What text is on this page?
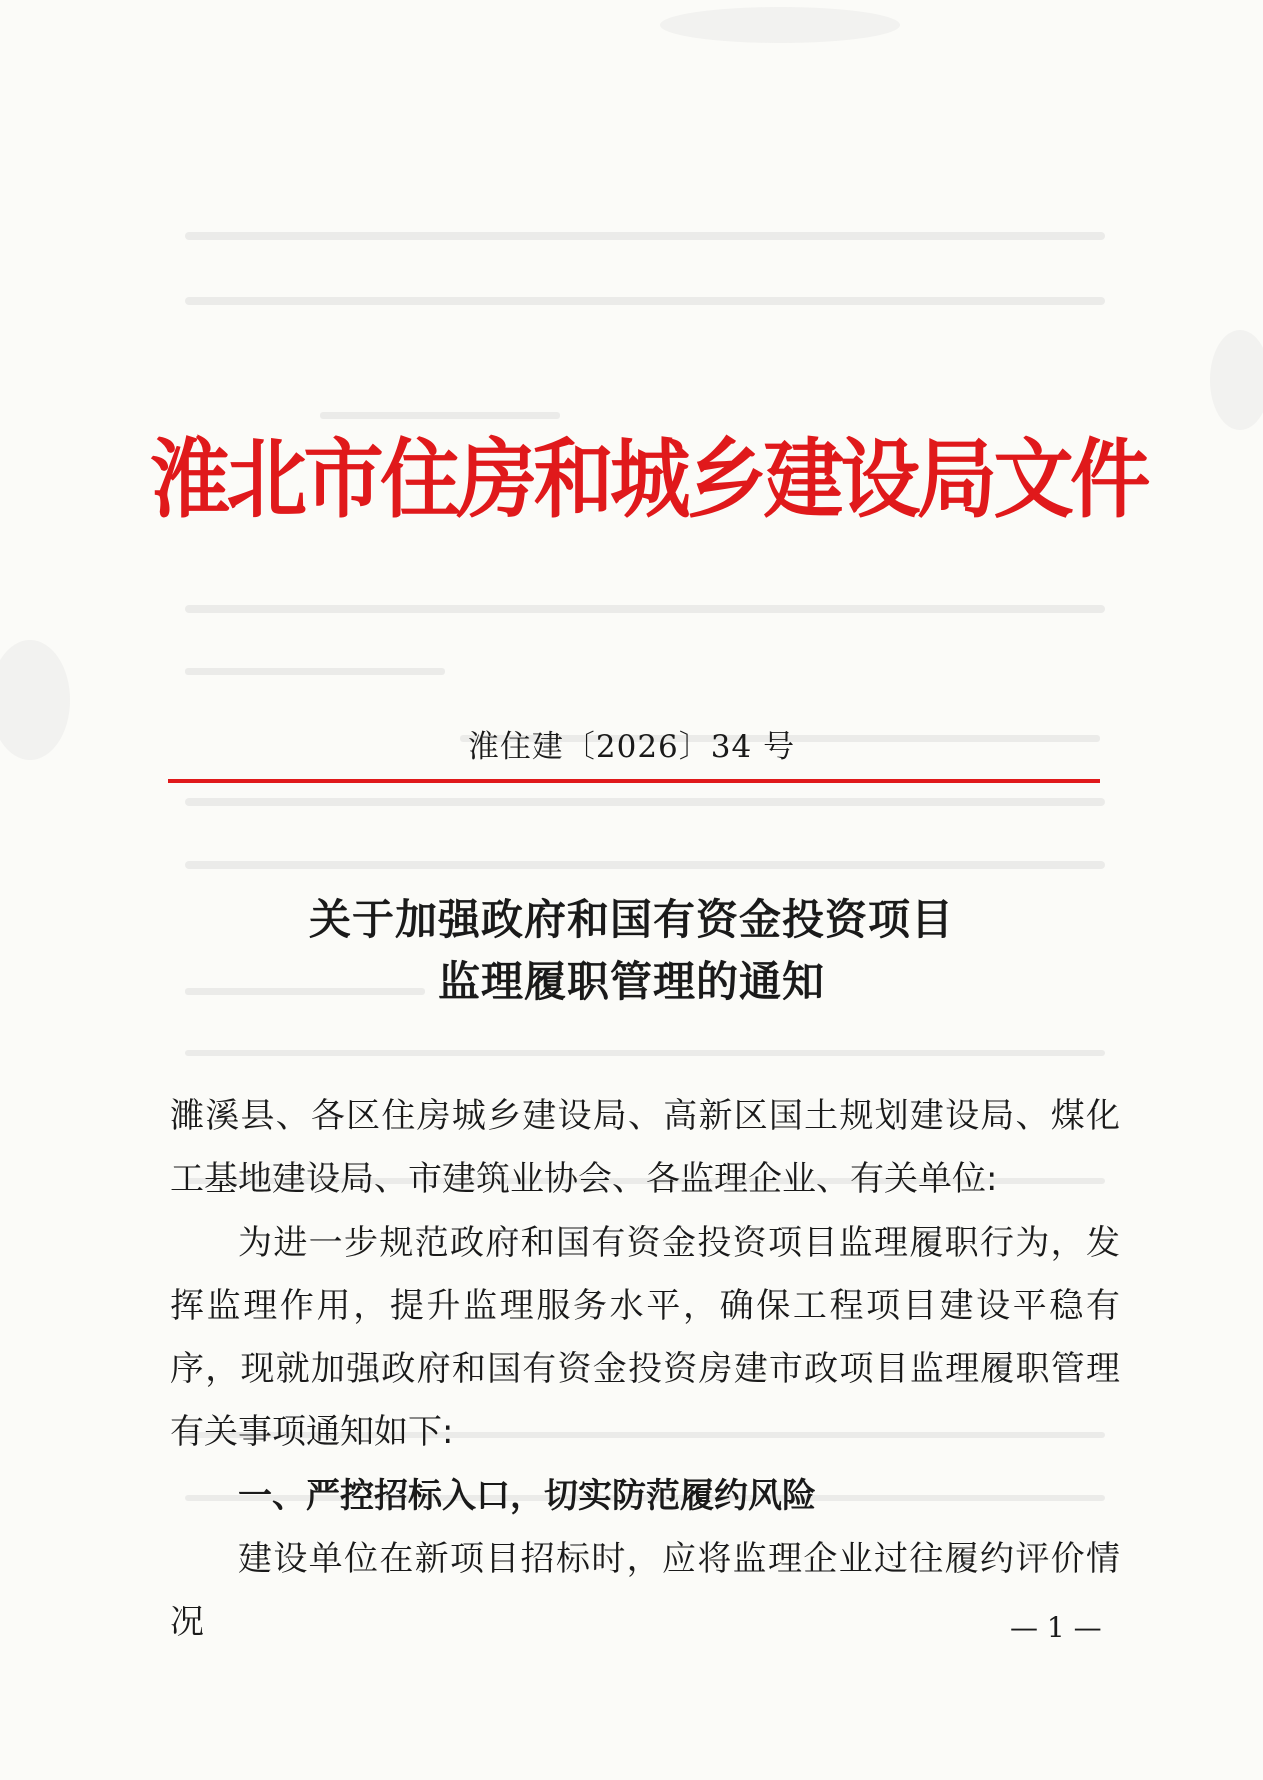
淮北市住房和城乡建设局文件
淮住建〔2026〕34 号
关于加强政府和国有资金投资项目
监理履职管理的通知
濉溪县、各区住房城乡建设局、高新区国土规划建设局、煤化工基地建设局、市建筑业协会、各监理企业、有关单位:
为进一步规范政府和国有资金投资项目监理履职行为，发挥监理作用，提升监理服务水平，确保工程项目建设平稳有序，现就加强政府和国有资金投资房建市政项目监理履职管理有关事项通知如下:
一、严控招标入口，切实防范履约风险
建设单位在新项目招标时，应将监理企业过往履约评价情况	— 1 —
